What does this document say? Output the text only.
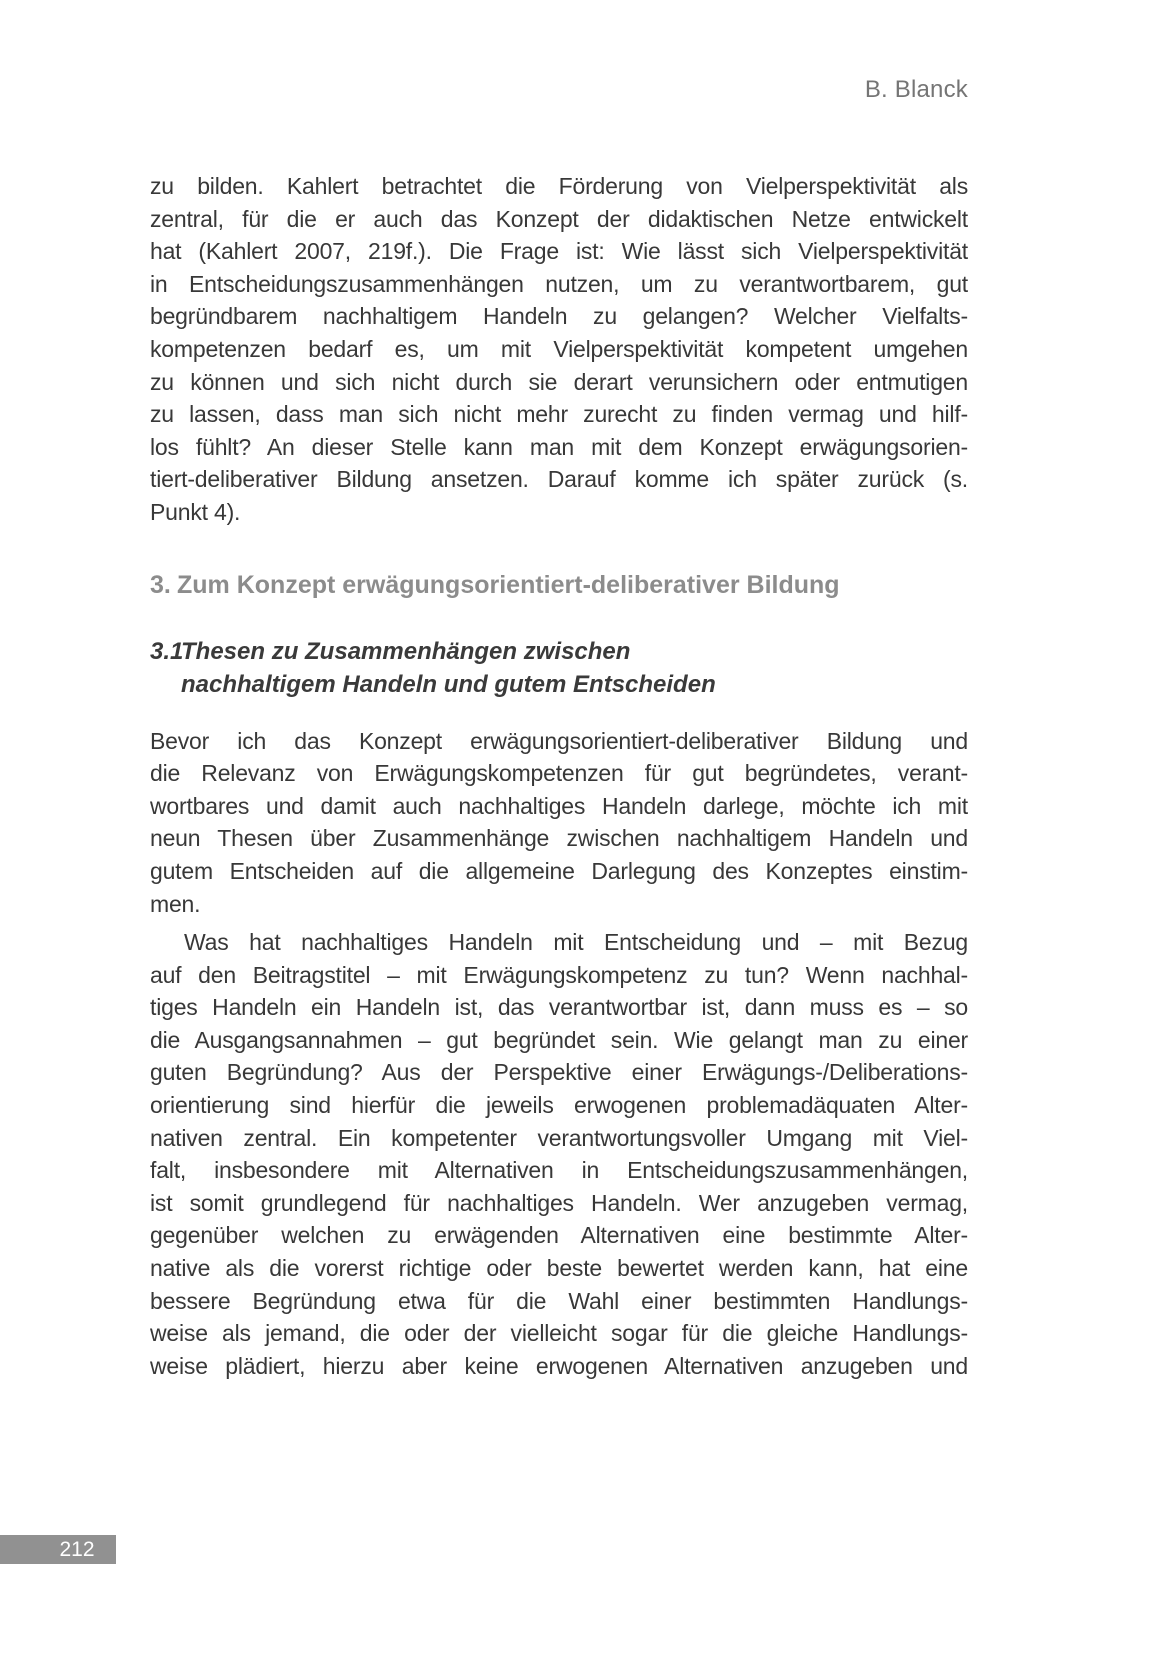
B. Blanck
zu bilden. Kahlert betrachtet die Förderung von Vielperspektivität als
zentral, für die er auch das Konzept der didaktischen Netze entwickelt
hat (Kahlert 2007, 219f.). Die Frage ist: Wie lässt sich Vielperspektivität
in Entscheidungszusammenhängen nutzen, um zu verantwortbarem, gut
begründbarem nachhaltigem Handeln zu gelangen? Welcher Vielfalts-
kompetenzen bedarf es, um mit Vielperspektivität kompetent umgehen
zu können und sich nicht durch sie derart verunsichern oder entmutigen
zu lassen, dass man sich nicht mehr zurecht zu finden vermag und hilf-
los fühlt? An dieser Stelle kann man mit dem Konzept erwägungsorien-
tiert-deliberativer Bildung ansetzen. Darauf komme ich später zurück (s.
Punkt 4).
3. Zum Konzept erwägungsorientiert-deliberativer Bildung
3.1
Thesen zu Zusammenhängen zwischen
nachhaltigem Handeln und gutem Entscheiden
Bevor ich das Konzept erwägungsorientiert-deliberativer Bildung und
die Relevanz von Erwägungskompetenzen für gut begründetes, verant-
wortbares und damit auch nachhaltiges Handeln darlege, möchte ich mit
neun Thesen über Zusammenhänge zwischen nachhaltigem Handeln und
gutem Entscheiden auf die allgemeine Darlegung des Konzeptes einstim-
men.
Was hat nachhaltiges Handeln mit Entscheidung und – mit Bezug
auf den Beitragstitel – mit Erwägungskompetenz zu tun? Wenn nachhal-
tiges Handeln ein Handeln ist, das verantwortbar ist, dann muss es – so
die Ausgangsannahmen – gut begründet sein. Wie gelangt man zu einer
guten Begründung? Aus der Perspektive einer Erwägungs-/Deliberations-
orientierung sind hierfür die jeweils erwogenen problemadäquaten Alter-
nativen zentral. Ein kompetenter verantwortungsvoller Umgang mit Viel-
falt, insbesondere mit Alternativen in Entscheidungszusammenhängen,
ist somit grundlegend für nachhaltiges Handeln. Wer anzugeben vermag,
gegenüber welchen zu erwägenden Alternativen eine bestimmte Alter-
native als die vorerst richtige oder beste bewertet werden kann, hat eine
bessere Begründung etwa für die Wahl einer bestimmten Handlungs-
weise als jemand, die oder der vielleicht sogar für die gleiche Handlungs-
weise plädiert, hierzu aber keine erwogenen Alternativen anzugeben und
212
